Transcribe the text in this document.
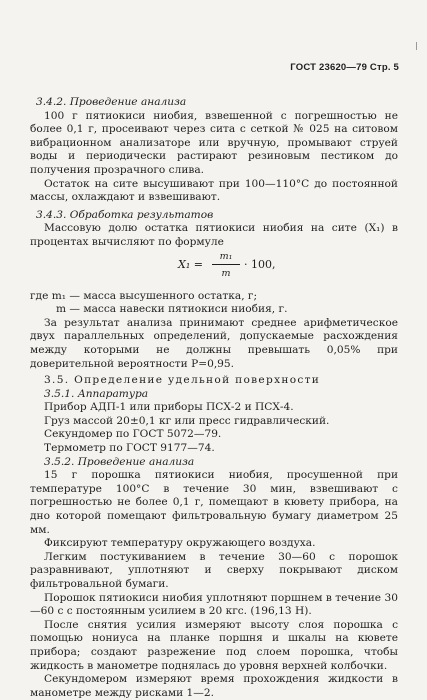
ГОСТ 23620—79 Стр. 5

3.4.2. Проведение анализа

100 г пятиокиси ниобия, взвешенной с погрешностью не более 0,1 г, просеивают через сита с сеткой № 025 на ситовом вибрационном анализаторе или вручную, промывают струей воды и периодически растирают резиновым пестиком до получения прозрачного слива.

Остаток на сите высушивают при 100—110°С до постоянной массы, охлаждают и взвешивают.

3.4.3. Обработка результатов

Массовую долю остатка пятиокиси ниобия на сите (X₁) в процентах вычисляют по формуле

$X_1 = \frac{\text{m₁}}{m} \cdot 100$,

где m₁ — масса высушенного остатка, г;

m — масса навески пятиокиси ниобия, г.

За результат анализа принимают среднее арифметическое двух параллельных определений, допускаемые расхождения между которыми не должны превышать 0,05% при доверительной вероятности P=0,95.

3.5. Определение удельной поверхности

3.5.1. Аппаратура

Прибор АДП-1 или приборы ПСХ-2 и ПСХ-4.

Груз массой 20±0,1 кг или пресс гидравлический.

Секундомер по ГОСТ 5072—79.

Термометр по ГОСТ 9177—74.

3.5.2. Проведение анализа

15 г порошка пятиокиси ниобия, просушенной при температуре 100°С в течение 30 мин, взвешивают с погрешностью не более 0,1 г, помещают в кювету прибора, на дно которой помещают фильтровальную бумагу диаметром 25 мм.

Фиксируют температуру окружающего воздуха.

Легким постукиванием в течение 30—60 с порошок разравнивают, уплотняют и сверху покрывают диском фильтровальной бумаги.

Порошок пятиокиси ниобия уплотняют поршнем в течение 30—60 с с постоянным усилием в 20 кгс. (196,13 Н).

После снятия усилия измеряют высоту слоя порошка с помощью нониуса на планке поршня и шкалы на кювете прибора; создают разрежение под слоем порошка, чтобы жидкость в манометре поднялась до уровня верхней колбочки.

Секундомером измеряют время прохождения жидкости в манометре между рисками 1—2.
